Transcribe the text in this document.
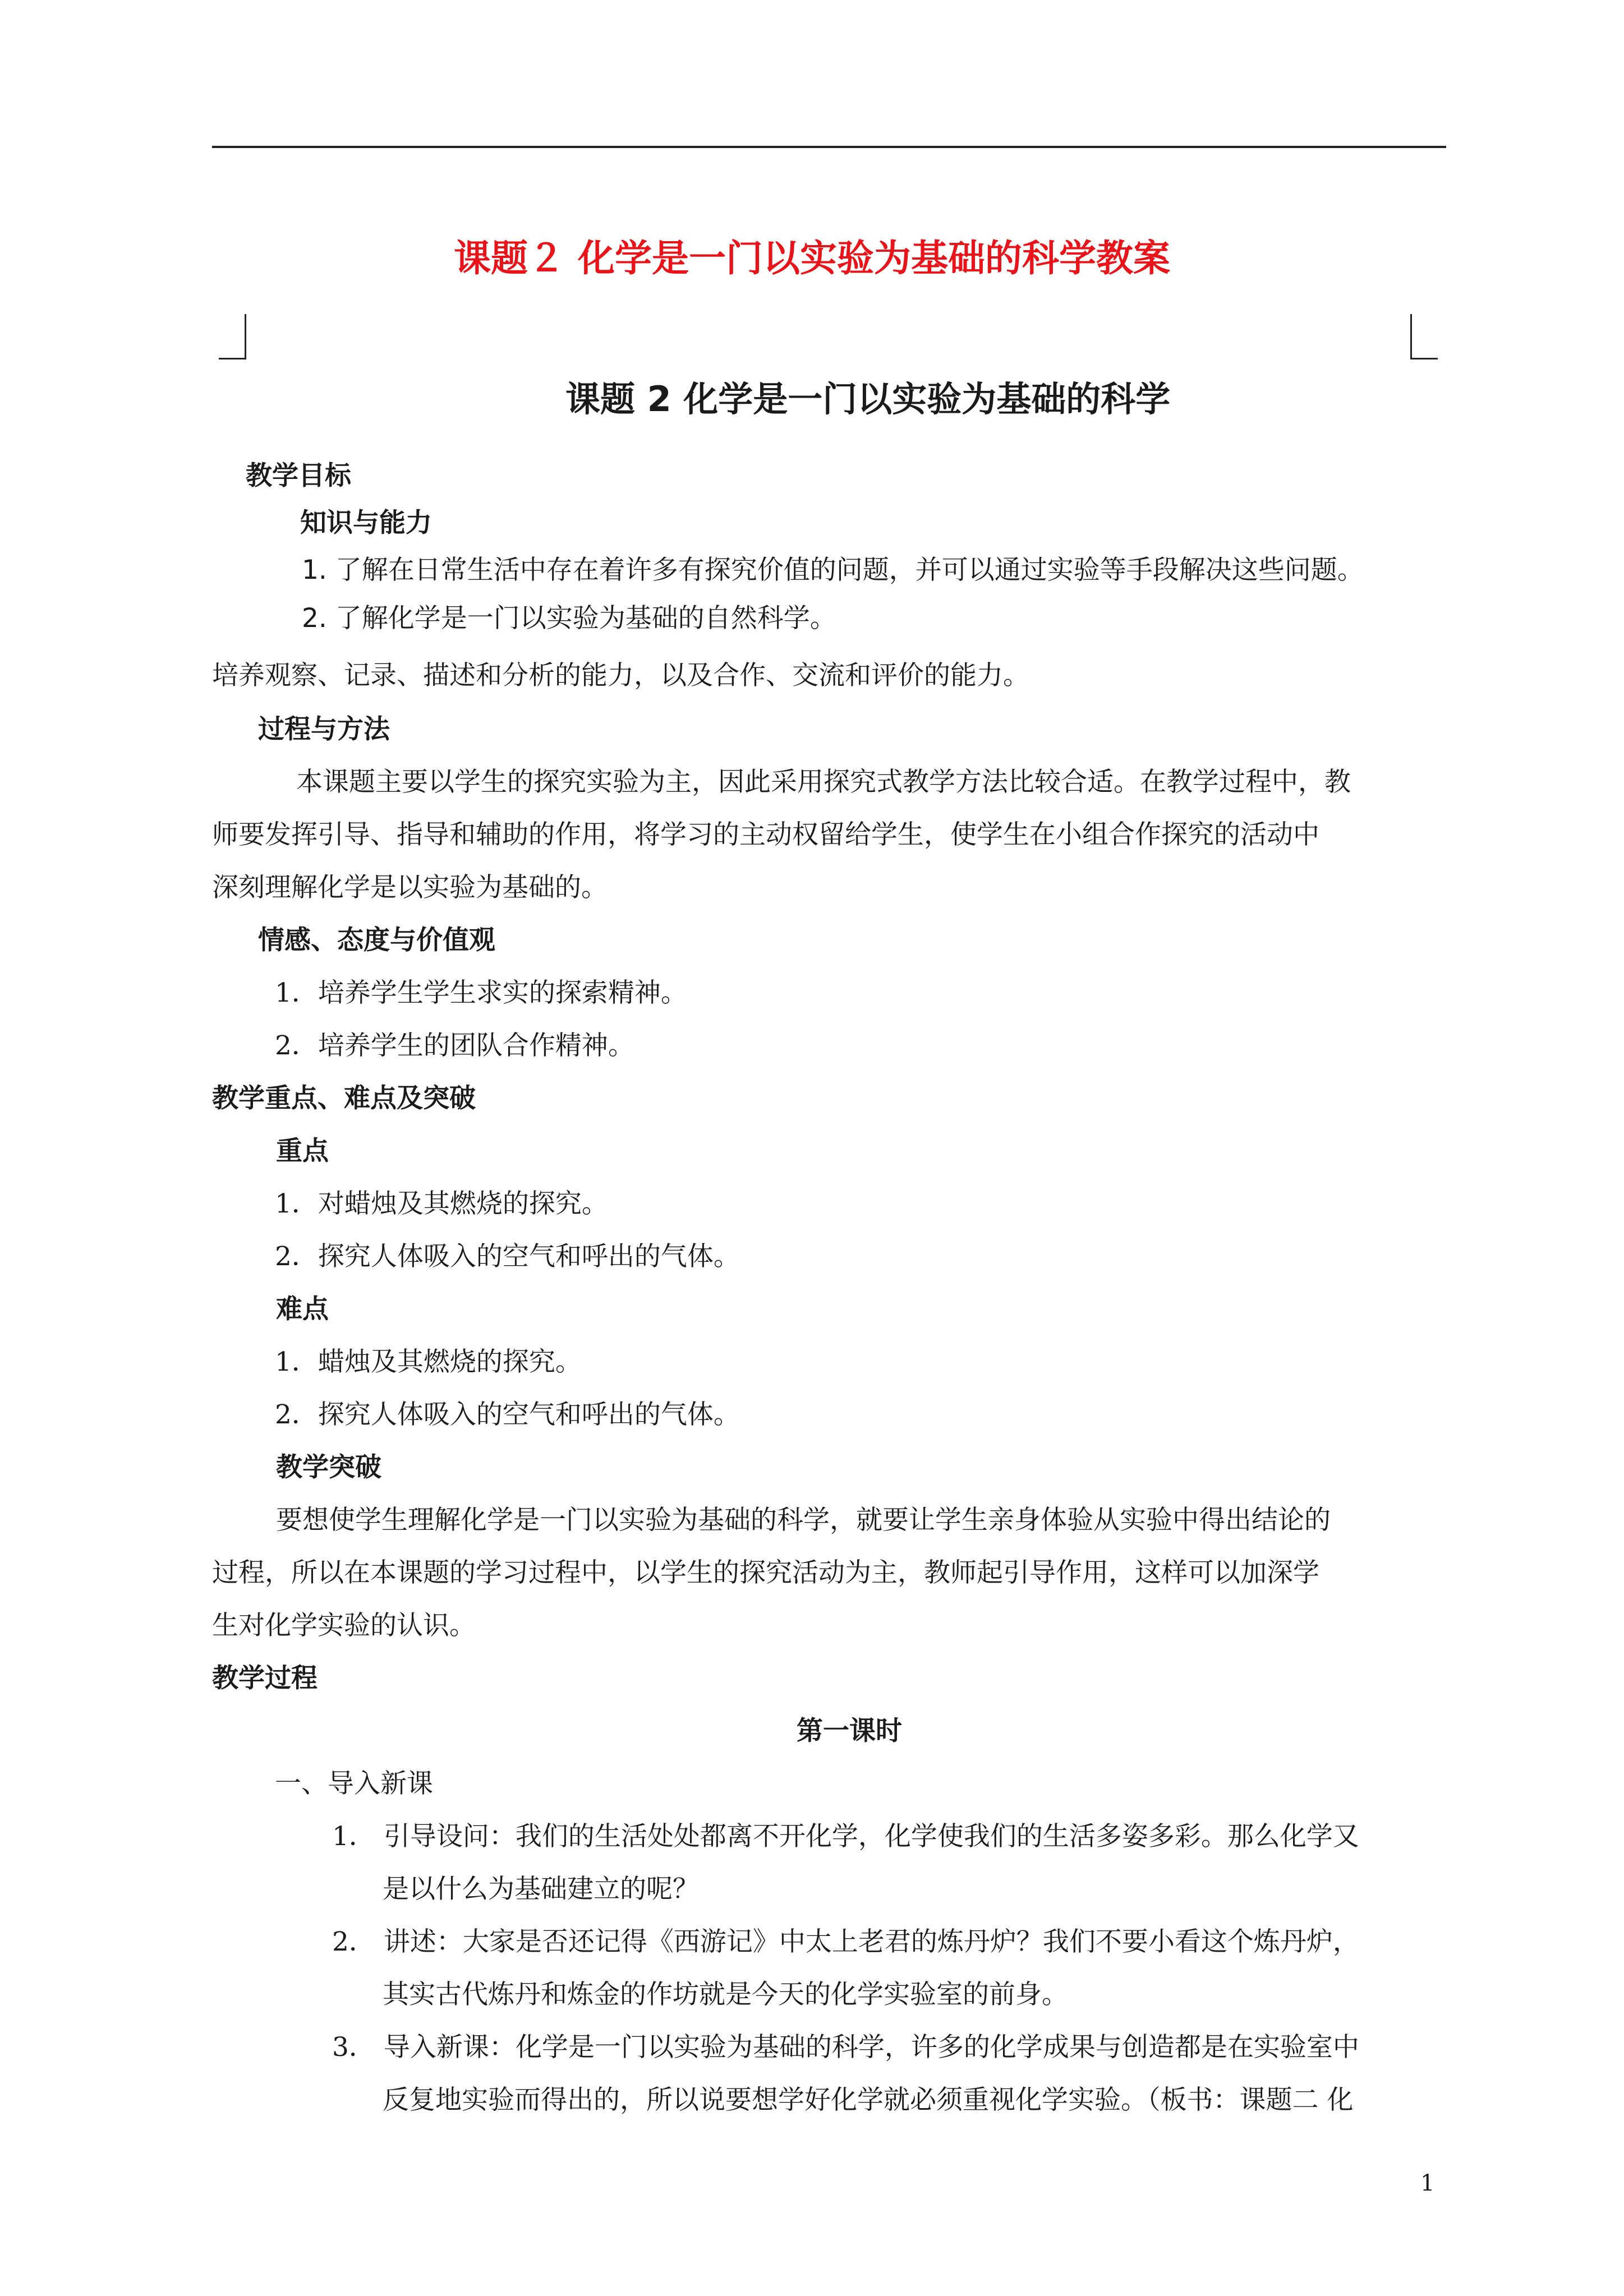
课题２ 化学是一门以实验为基础的科学教案
课题 2 化学是一门以实验为基础的科学
教学目标
知识与能力
1. 了解在日常生活中存在着许多有探究价值的问题，并可以通过实验等手段解决这些问题。
2. 了解化学是一门以实验为基础的自然科学。
培养观察、记录、描述和分析的能力，以及合作、交流和评价的能力。
过程与方法
本课题主要以学生的探究实验为主，因此采用探究式教学方法比较合适。在教学过程中，教
师要发挥引导、指导和辅助的作用，将学习的主动权留给学生，使学生在小组合作探究的活动中
深刻理解化学是以实验为基础的。
情感、态度与价值观
1．培养学生学生求实的探索精神。
2．培养学生的团队合作精神。
教学重点、难点及突破
重点
1．对蜡烛及其燃烧的探究。
2．探究人体吸入的空气和呼出的气体。
难点
1．蜡烛及其燃烧的探究。
2．探究人体吸入的空气和呼出的气体。
教学突破
要想使学生理解化学是一门以实验为基础的科学，就要让学生亲身体验从实验中得出结论的
过程，所以在本课题的学习过程中，以学生的探究活动为主，教师起引导作用，这样可以加深学
生对化学实验的认识。
教学过程
第一课时
一、导入新课
1． 引导设问：我们的生活处处都离不开化学，化学使我们的生活多姿多彩。那么化学又
是以什么为基础建立的呢？
2． 讲述：大家是否还记得《西游记》中太上老君的炼丹炉？我们不要小看这个炼丹炉，
其实古代炼丹和炼金的作坊就是今天的化学实验室的前身。
3． 导入新课：化学是一门以实验为基础的科学，许多的化学成果与创造都是在实验室中
反复地实验而得出的，所以说要想学好化学就必须重视化学实验。（板书：课题二 化
1
